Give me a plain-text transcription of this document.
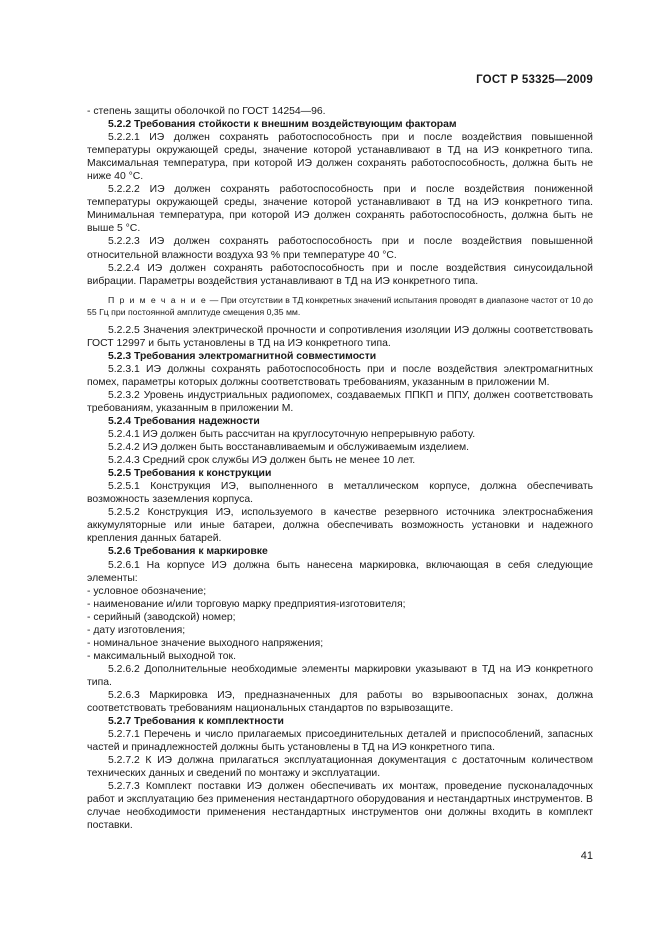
ГОСТ Р 53325—2009

- степень защиты оболочкой по ГОСТ 14254—96.

5.2.2 Требования стойкости к внешним воздействующим факторам

5.2.2.1 ИЭ должен сохранять работоспособность при и после воздействия повышенной температуры окружающей среды, значение которой устанавливают в ТД на ИЭ конкретного типа. Максимальная температура, при которой ИЭ должен сохранять работоспособность, должна быть не ниже 40 °С.

5.2.2.2 ИЭ должен сохранять работоспособность при и после воздействия пониженной температуры окружающей среды, значение которой устанавливают в ТД на ИЭ конкретного типа. Минимальная температура, при которой ИЭ должен сохранять работоспособность, должна быть не выше 5 °С.

5.2.2.3 ИЭ должен сохранять работоспособность при и после воздействия повышенной относительной влажности воздуха 93 % при температуре 40 °С.

5.2.2.4 ИЭ должен сохранять работоспособность при и после воздействия синусоидальной вибрации. Параметры воздействия устанавливают в ТД на ИЭ конкретного типа.

П р и м е ч а н и е — При отсутствии в ТД конкретных значений испытания проводят в диапазоне частот от 10 до 55 Гц при постоянной амплитуде смещения 0,35 мм.

5.2.2.5 Значения электрической прочности и сопротивления изоляции ИЭ должны соответствовать ГОСТ 12997 и быть установлены в ТД на ИЭ конкретного типа.

5.2.3 Требования электромагнитной совместимости

5.2.3.1 ИЭ должны сохранять работоспособность при и после воздействия электромагнитных помех, параметры которых должны соответствовать требованиям, указанным в приложении М.

5.2.3.2 Уровень индустриальных радиопомех, создаваемых ППКП и ППУ, должен соответствовать требованиям, указанным в приложении М.

5.2.4 Требования надежности

5.2.4.1 ИЭ должен быть рассчитан на круглосуточную непрерывную работу.

5.2.4.2 ИЭ должен быть восстанавливаемым и обслуживаемым изделием.

5.2.4.3 Средний срок службы ИЭ должен быть не менее 10 лет.

5.2.5 Требования к конструкции

5.2.5.1 Конструкция ИЭ, выполненного в металлическом корпусе, должна обеспечивать возможность заземления корпуса.

5.2.5.2 Конструкция ИЭ, используемого в качестве резервного источника электроснабжения аккумуляторные или иные батареи, должна обеспечивать возможность установки и надежного крепления данных батарей.

5.2.6 Требования к маркировке

5.2.6.1 На корпусе ИЭ должна быть нанесена маркировка, включающая в себя следующие элементы:

- условное обозначение;

- наименование и/или торговую марку предприятия-изготовителя;

- серийный (заводской) номер;

- дату изготовления;

- номинальное значение выходного напряжения;

- максимальный выходной ток.

5.2.6.2 Дополнительные необходимые элементы маркировки указывают в ТД на ИЭ конкретного типа.

5.2.6.3 Маркировка ИЭ, предназначенных для работы во взрывоопасных зонах, должна соответствовать требованиям национальных стандартов по взрывозащите.

5.2.7 Требования к комплектности

5.2.7.1 Перечень и число прилагаемых присоединительных деталей и приспособлений, запасных частей и принадлежностей должны быть установлены в ТД на ИЭ конкретного типа.

5.2.7.2 К ИЭ должна прилагаться эксплуатационная документация с достаточным количеством технических данных и сведений по монтажу и эксплуатации.

5.2.7.3 Комплект поставки ИЭ должен обеспечивать их монтаж, проведение пусконаладочных работ и эксплуатацию без применения нестандартного оборудования и нестандартных инструментов. В случае необходимости применения нестандартных инструментов они должны входить в комплект поставки.

41
